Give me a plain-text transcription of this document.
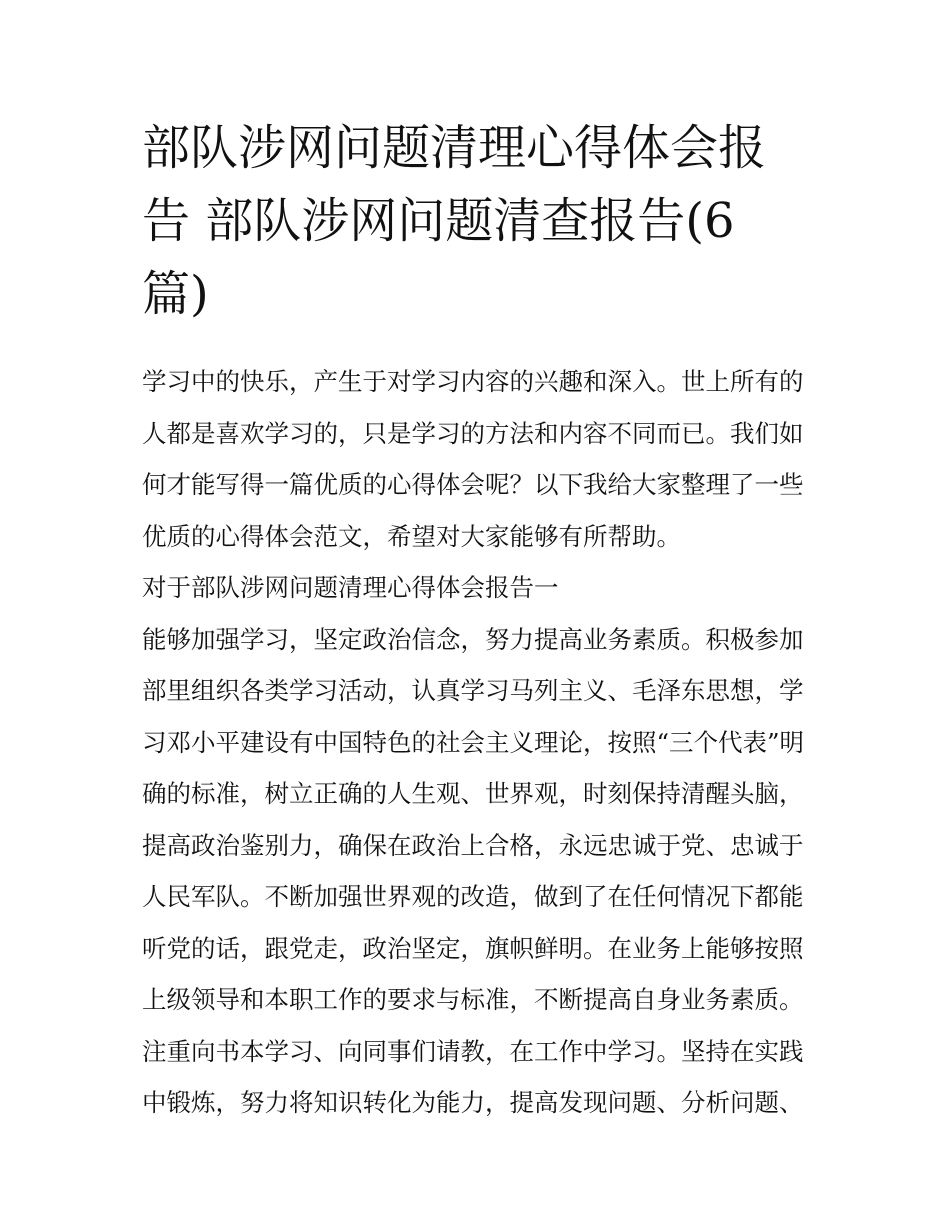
部队涉网问题清理心得体会报
告 部队涉网问题清查报告(6
篇)
学习中的快乐，产生于对学习内容的兴趣和深入。世上所有的
人都是喜欢学习的，只是学习的方法和内容不同而已。我们如
何才能写得一篇优质的心得体会呢？以下我给大家整理了一些
优质的心得体会范文，希望对大家能够有所帮助。
对于部队涉网问题清理心得体会报告一
能够加强学习，坚定政治信念，努力提高业务素质。积极参加
部里组织各类学习活动，认真学习马列主义、毛泽东思想，学
习邓小平建设有中国特色的社会主义理论，按照“三个代表”明
确的标准，树立正确的人生观、世界观，时刻保持清醒头脑，
提高政治鉴别力，确保在政治上合格，永远忠诚于党、忠诚于
人民军队。不断加强世界观的改造，做到了在任何情况下都能
听党的话，跟党走，政治坚定，旗帜鲜明。在业务上能够按照
上级领导和本职工作的要求与标准，不断提高自身业务素质。
注重向书本学习、向同事们请教，在工作中学习。坚持在实践
中锻炼，努力将知识转化为能力，提高发现问题、分析问题、
